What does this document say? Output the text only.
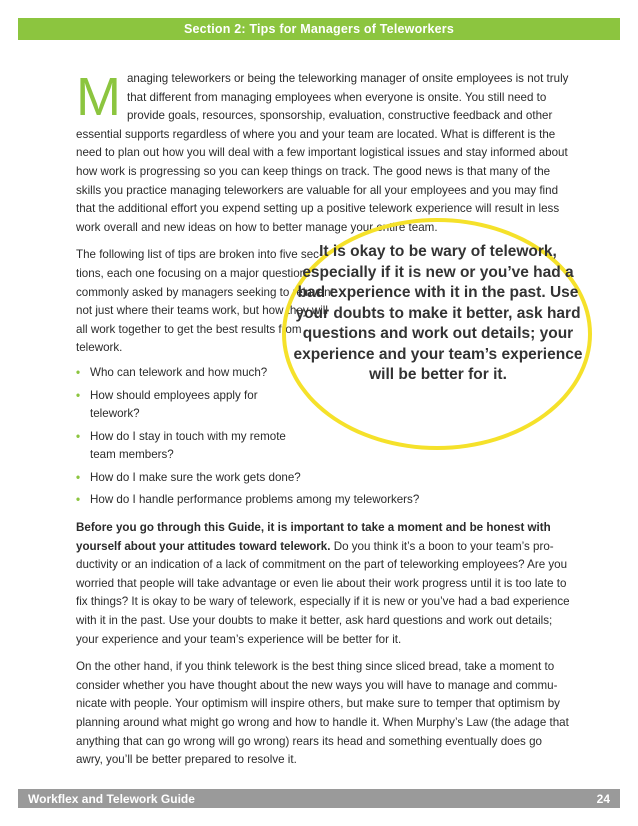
Section 2: Tips for Managers of Teleworkers

Managing teleworkers or being the teleworking manager of onsite employees is not truly that different from managing employees when everyone is onsite. You still need to provide goals, resources, sponsorship, evaluation, constructive feedback and other essential supports regardless of where you and your team are located. What is different is the need to plan out how you will deal with a few important logistical issues and stay informed about how work is progressing so you can keep things on track. The good news is that many of the skills you practice managing teleworkers are valuable for all your employees and you may find that the additional effort you expend setting up a positive telework experience will result in less work overall and new ideas on how to better manage your entire team.

The following list of tips are broken into five sec- tions, each one focusing on a major question commonly asked by managers seeking to reinvent not just where their teams work, but how they will all work together to get the best results from telework.

• Who can telework and how much?
• How should employees apply for telework?
• How do I stay in touch with my remote team members?
• How do I make sure the work gets done?
• How do I handle performance problems among my teleworkers?

Before you go through this Guide, it is important to take a moment and be honest with yourself about your attitudes toward telework. Do you think it’s a boon to your team’s pro- ductivity or an indication of a lack of commitment on the part of teleworking employees? Are you worried that people will take advantage or even lie about their work progress until it is too late to fix things? It is okay to be wary of telework, especially if it is new or you’ve had a bad experience with it in the past. Use your doubts to make it better, ask hard questions and work out details; your experience and your team’s experience will be better for it.

On the other hand, if you think telework is the best thing since sliced bread, take a moment to consider whether you have thought about the new ways you will have to manage and commu- nicate with people. Your optimism will inspire others, but make sure to temper that optimism by planning around what might go wrong and how to handle it. When Murphy’s Law (the adage that anything that can go wrong will go wrong) rears its head and something eventually does go awry, you’ll be better prepared to resolve it.

It is okay to be wary of telework, especially if it is new or you’ve had a bad experience with it in the past. Use your doubts to make it better, ask hard questions and work out details; your experience and your team’s experience will be better for it.
Workflex and Telework Guide	24
